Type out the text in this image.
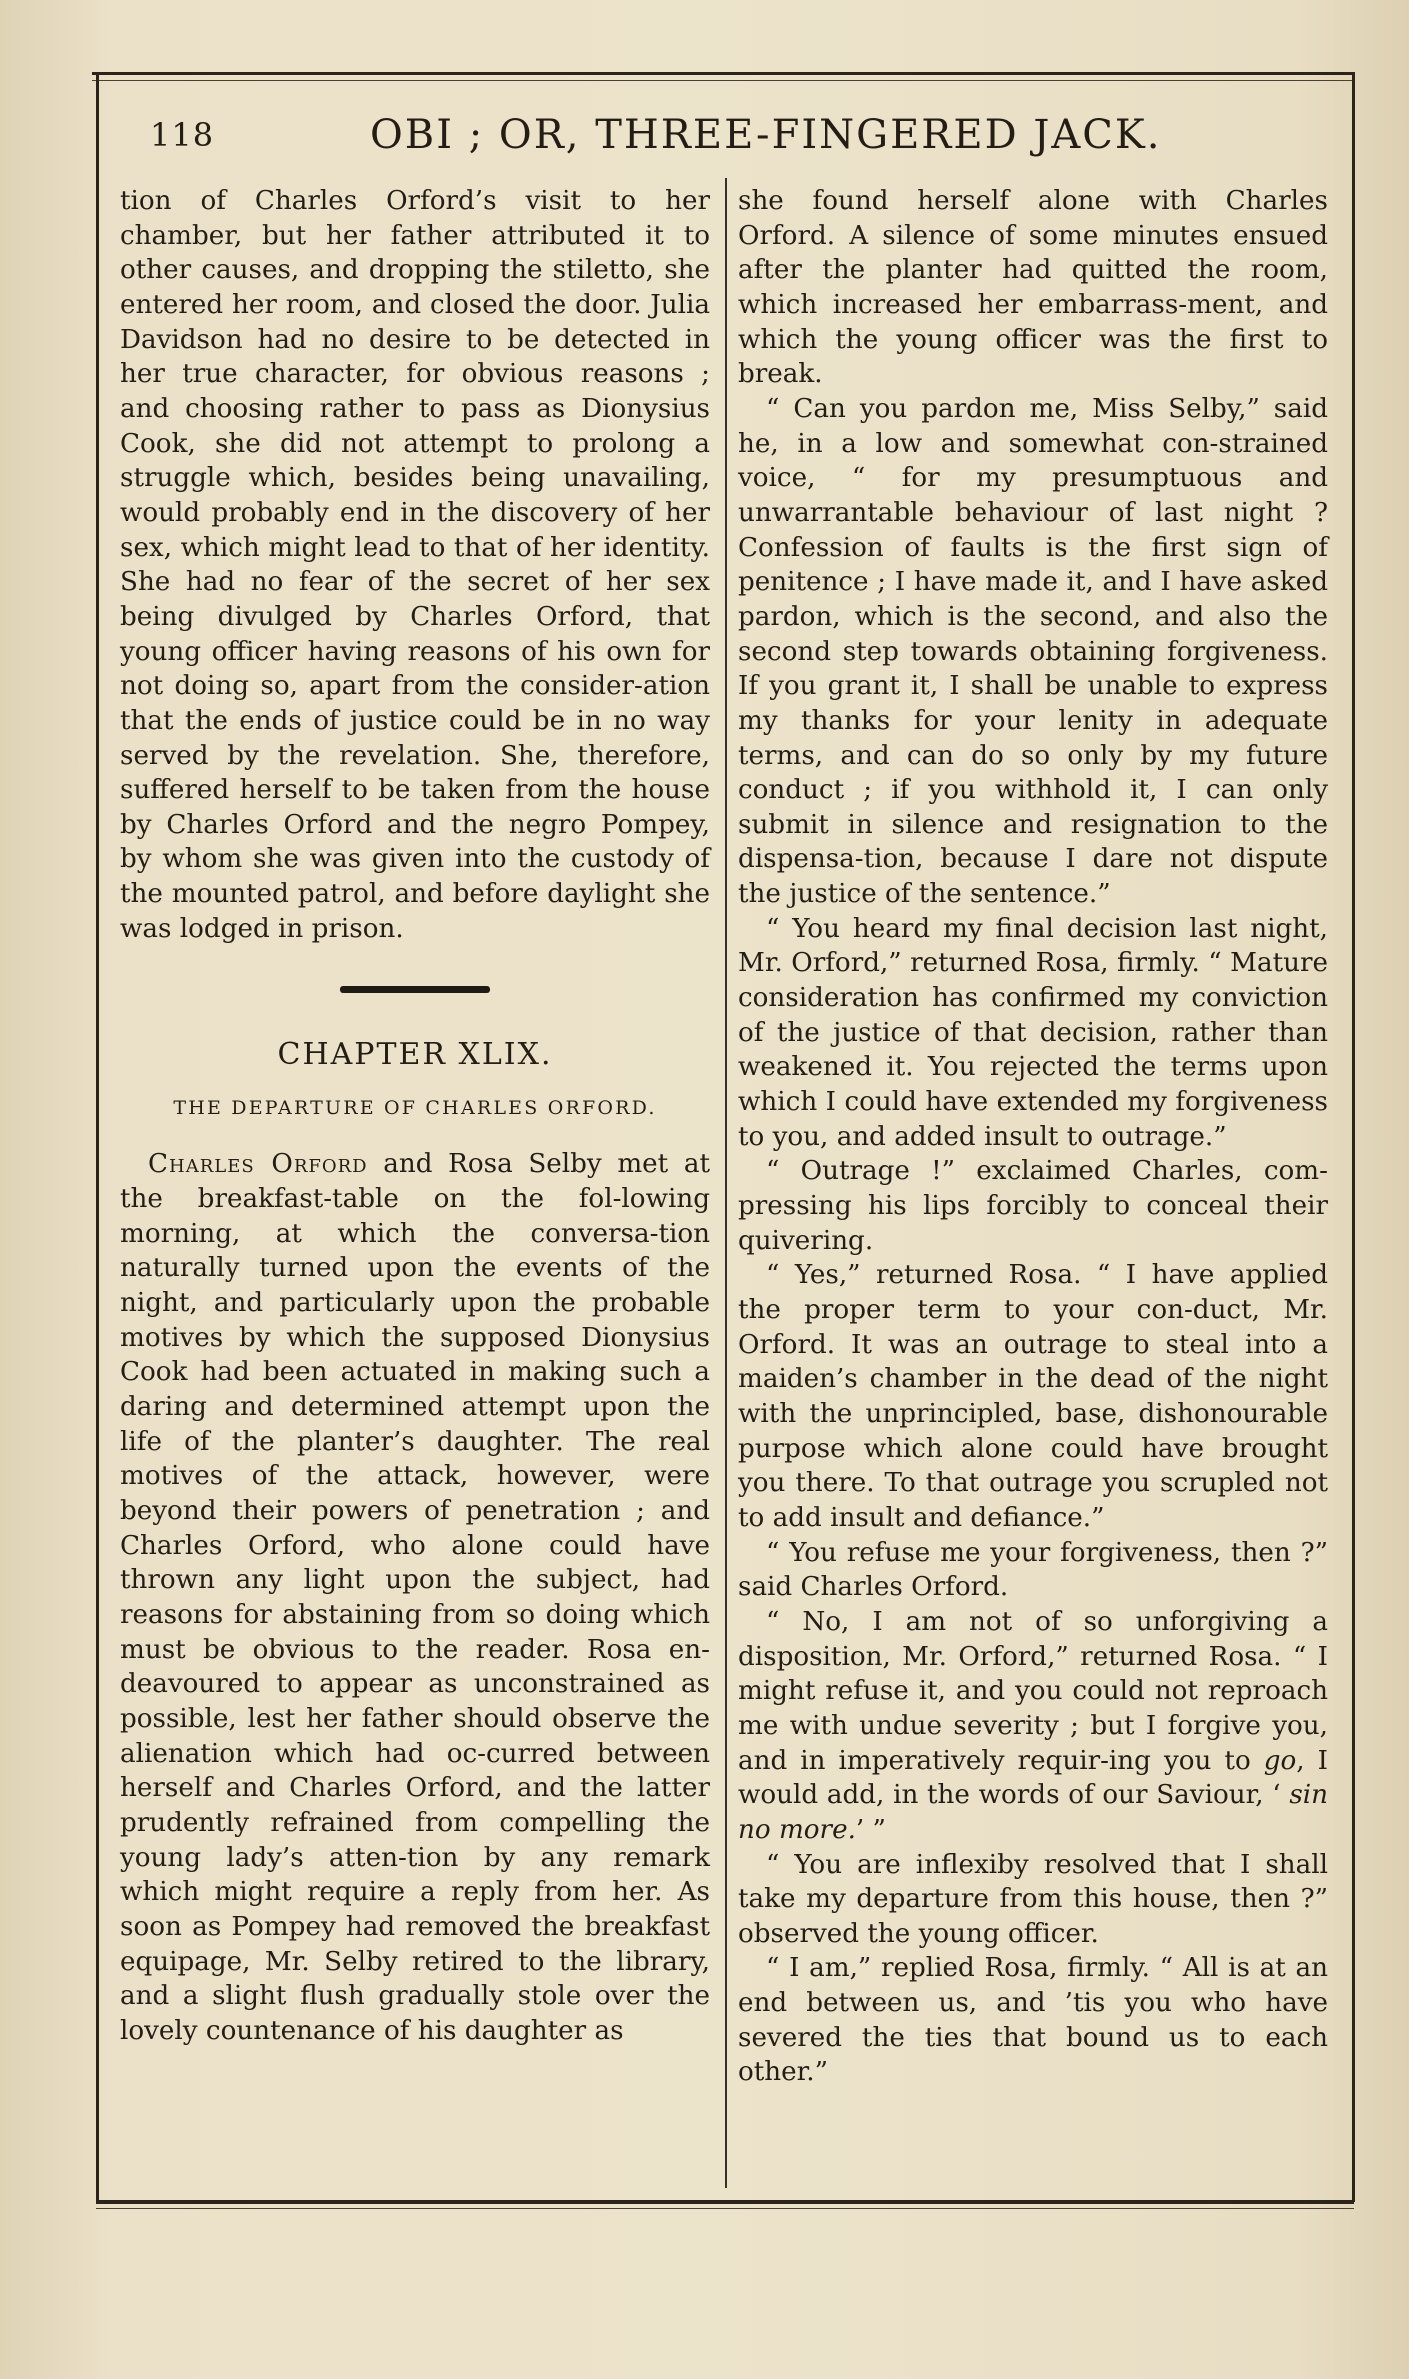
118	OBI ; OR, THREE-FINGERED JACK.

tion of Charles Orford’s visit to her chamber, but her father attributed it to other causes, and dropping the stiletto, she entered her room, and closed the door. Julia Davidson had no desire to be detected in her true character, for obvious reasons ; and choosing rather to pass as Dionysius Cook, she did not attempt to prolong a struggle which, besides being unavailing, would probably end in the discovery of her sex, which might lead to that of her identity. She had no fear of the secret of her sex being divulged by Charles Orford, that young officer having reasons of his own for not doing so, apart from the consider-ation that the ends of justice could be in no way served by the revelation. She, therefore, suffered herself to be taken from the house by Charles Orford and the negro Pompey, by whom she was given into the custody of the mounted patrol, and before daylight she was lodged in prison.

CHAPTER XLIX.
THE DEPARTURE OF CHARLES ORFORD.

Charles Orford and Rosa Selby met at the breakfast-table on the fol-lowing morning, at which the conversa-tion naturally turned upon the events of the night, and particularly upon the probable motives by which the supposed Dionysius Cook had been actuated in making such a daring and determined attempt upon the life of the planter’s daughter. The real motives of the attack, however, were beyond their powers of penetration ; and Charles Orford, who alone could have thrown any light upon the subject, had reasons for abstaining from so doing which must be obvious to the reader. Rosa en-deavoured to appear as unconstrained as possible, lest her father should observe the alienation which had oc-curred between herself and Charles Orford, and the latter prudently refrained from compelling the young lady’s atten-tion by any remark which might require a reply from her. As soon as Pompey had removed the breakfast equipage, Mr. Selby retired to the library, and a slight flush gradually stole over the lovely countenance of his daughter as

she found herself alone with Charles Orford. A silence of some minutes ensued after the planter had quitted the room, which increased her embarrass-ment, and which the young officer was the first to break.

“ Can you pardon me, Miss Selby,” said he, in a low and somewhat con-strained voice, “ for my presumptuous and unwarrantable behaviour of last night ? Confession of faults is the first sign of penitence ; I have made it, and I have asked pardon, which is the second, and also the second step towards obtaining forgiveness. If you grant it, I shall be unable to express my thanks for your lenity in adequate terms, and can do so only by my future conduct ; if you withhold it, I can only submit in silence and resignation to the dispensa-tion, because I dare not dispute the justice of the sentence.”

“ You heard my final decision last night, Mr. Orford,” returned Rosa, firmly. “ Mature consideration has confirmed my conviction of the justice of that decision, rather than weakened it. You rejected the terms upon which I could have extended my forgiveness to you, and added insult to outrage.”

“ Outrage !” exclaimed Charles, com-pressing his lips forcibly to conceal their quivering.

“ Yes,” returned Rosa. “ I have applied the proper term to your con-duct, Mr. Orford. It was an outrage to steal into a maiden’s chamber in the dead of the night with the unprincipled, base, dishonourable purpose which alone could have brought you there. To that outrage you scrupled not to add insult and defiance.”

“ You refuse me your forgiveness, then ?” said Charles Orford.

“ No, I am not of so unforgiving a disposition, Mr. Orford,” returned Rosa. “ I might refuse it, and you could not reproach me with undue severity ; but I forgive you, and in imperatively requir-ing you to go, I would add, in the words of our Saviour, ‘ sin no more.’ ”

“ You are inflexiby resolved that I shall take my departure from this house, then ?” observed the young officer.

“ I am,” replied Rosa, firmly. “ All is at an end between us, and ’tis you who have severed the ties that bound us to each other.”
